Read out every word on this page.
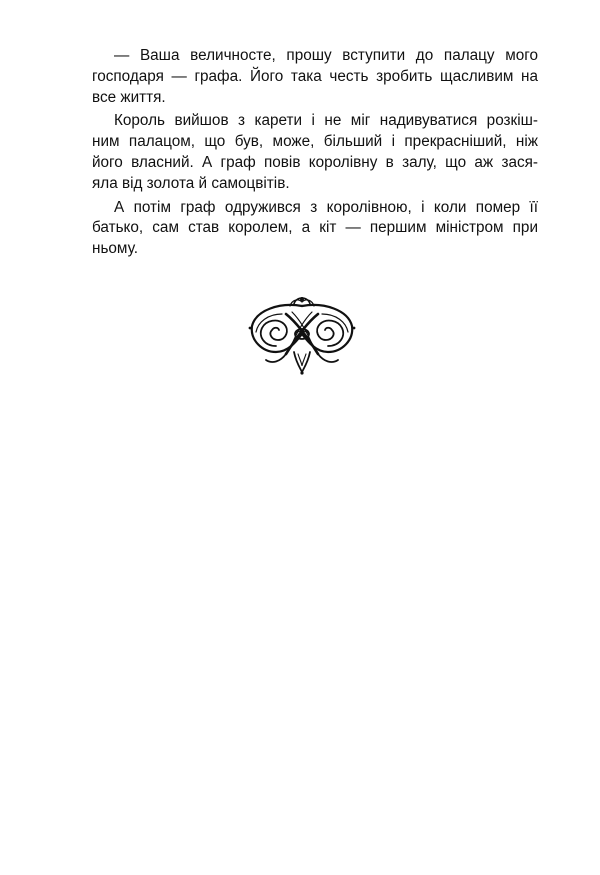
— Ваша величносте, прошу вступити до палацу мого
господаря — графа. Його така честь зробить щасливим на
все життя.
Король вийшов з карети і не міг надивуватися розкіш-
ним палацом, що був, може, більший і прекрасніший, ніж
його власний. А граф повів королівну в залу, що аж зася-
яла від золота й самоцвітів.
А потім граф одружився з королівною, і коли помер її
батько, сам став королем, а кіт — першим міністром при
ньому.
